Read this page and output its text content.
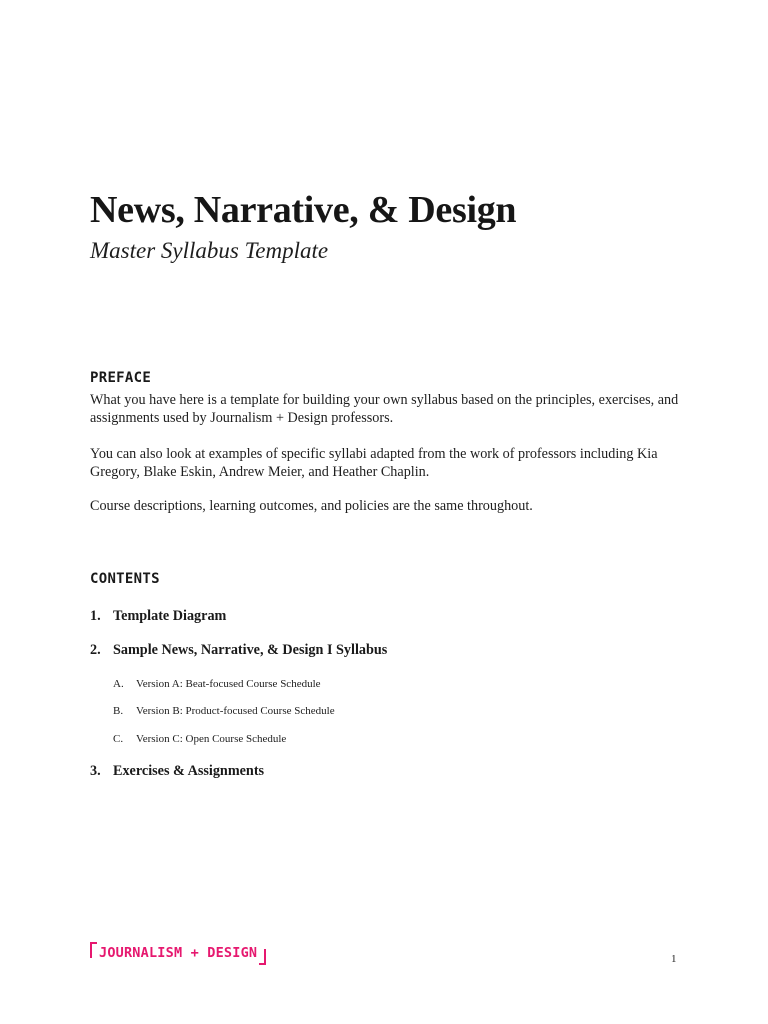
News, Narrative, & Design
Master Syllabus Template
PREFACE
What you have here is a template for building your own syllabus based on the principles, exercises, and assignments used by Journalism + Design professors.
You can also look at examples of specific syllabi adapted from the work of professors including Kia Gregory, Blake Eskin, Andrew Meier, and Heather Chaplin.
Course descriptions, learning outcomes, and policies are the same throughout.
CONTENTS
1. Template Diagram
2. Sample News, Narrative, & Design I Syllabus
A. Version A: Beat-focused Course Schedule
B. Version B: Product-focused Course Schedule
C. Version C: Open Course Schedule
3. Exercises & Assignments
JOURNALISM + DESIGN	1
